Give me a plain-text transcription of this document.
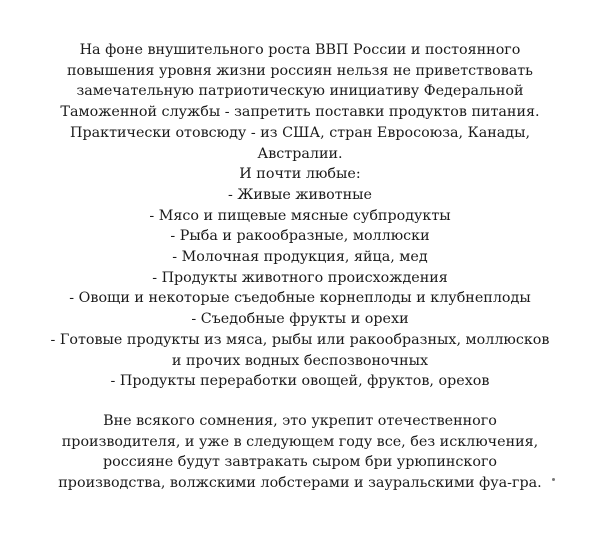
На фоне внушительного роста ВВП России и постоянного
повышения уровня жизни россиян нельзя не приветствовать
замечательную патриотическую инициативу Федеральной
Таможенной службы - запретить поставки продуктов питания.
Практически отовсюду - из США, стран Евросоюза, Канады,
Австралии.
И почти любые:
- Живые животные
- Мясо и пищевые мясные субпродукты
- Рыба и ракообразные, моллюски
- Молочная продукция, яйца, мед
- Продукты животного происхождения
- Овощи и некоторые съедобные корнеплоды и клубнеплоды
- Съедобные фрукты и орехи
- Готовые продукты из мяса, рыбы или ракообразных, моллюсков
и прочих водных беспозвоночных
- Продукты переработки овощей, фруктов, орехов
Вне всякого сомнения, это укрепит отечественного
производителя, и уже в следующем году все, без исключения,
россияне будут завтракать сыром бри урюпинского
производства, волжскими лобстерами и зауральскими фуа-гра.
